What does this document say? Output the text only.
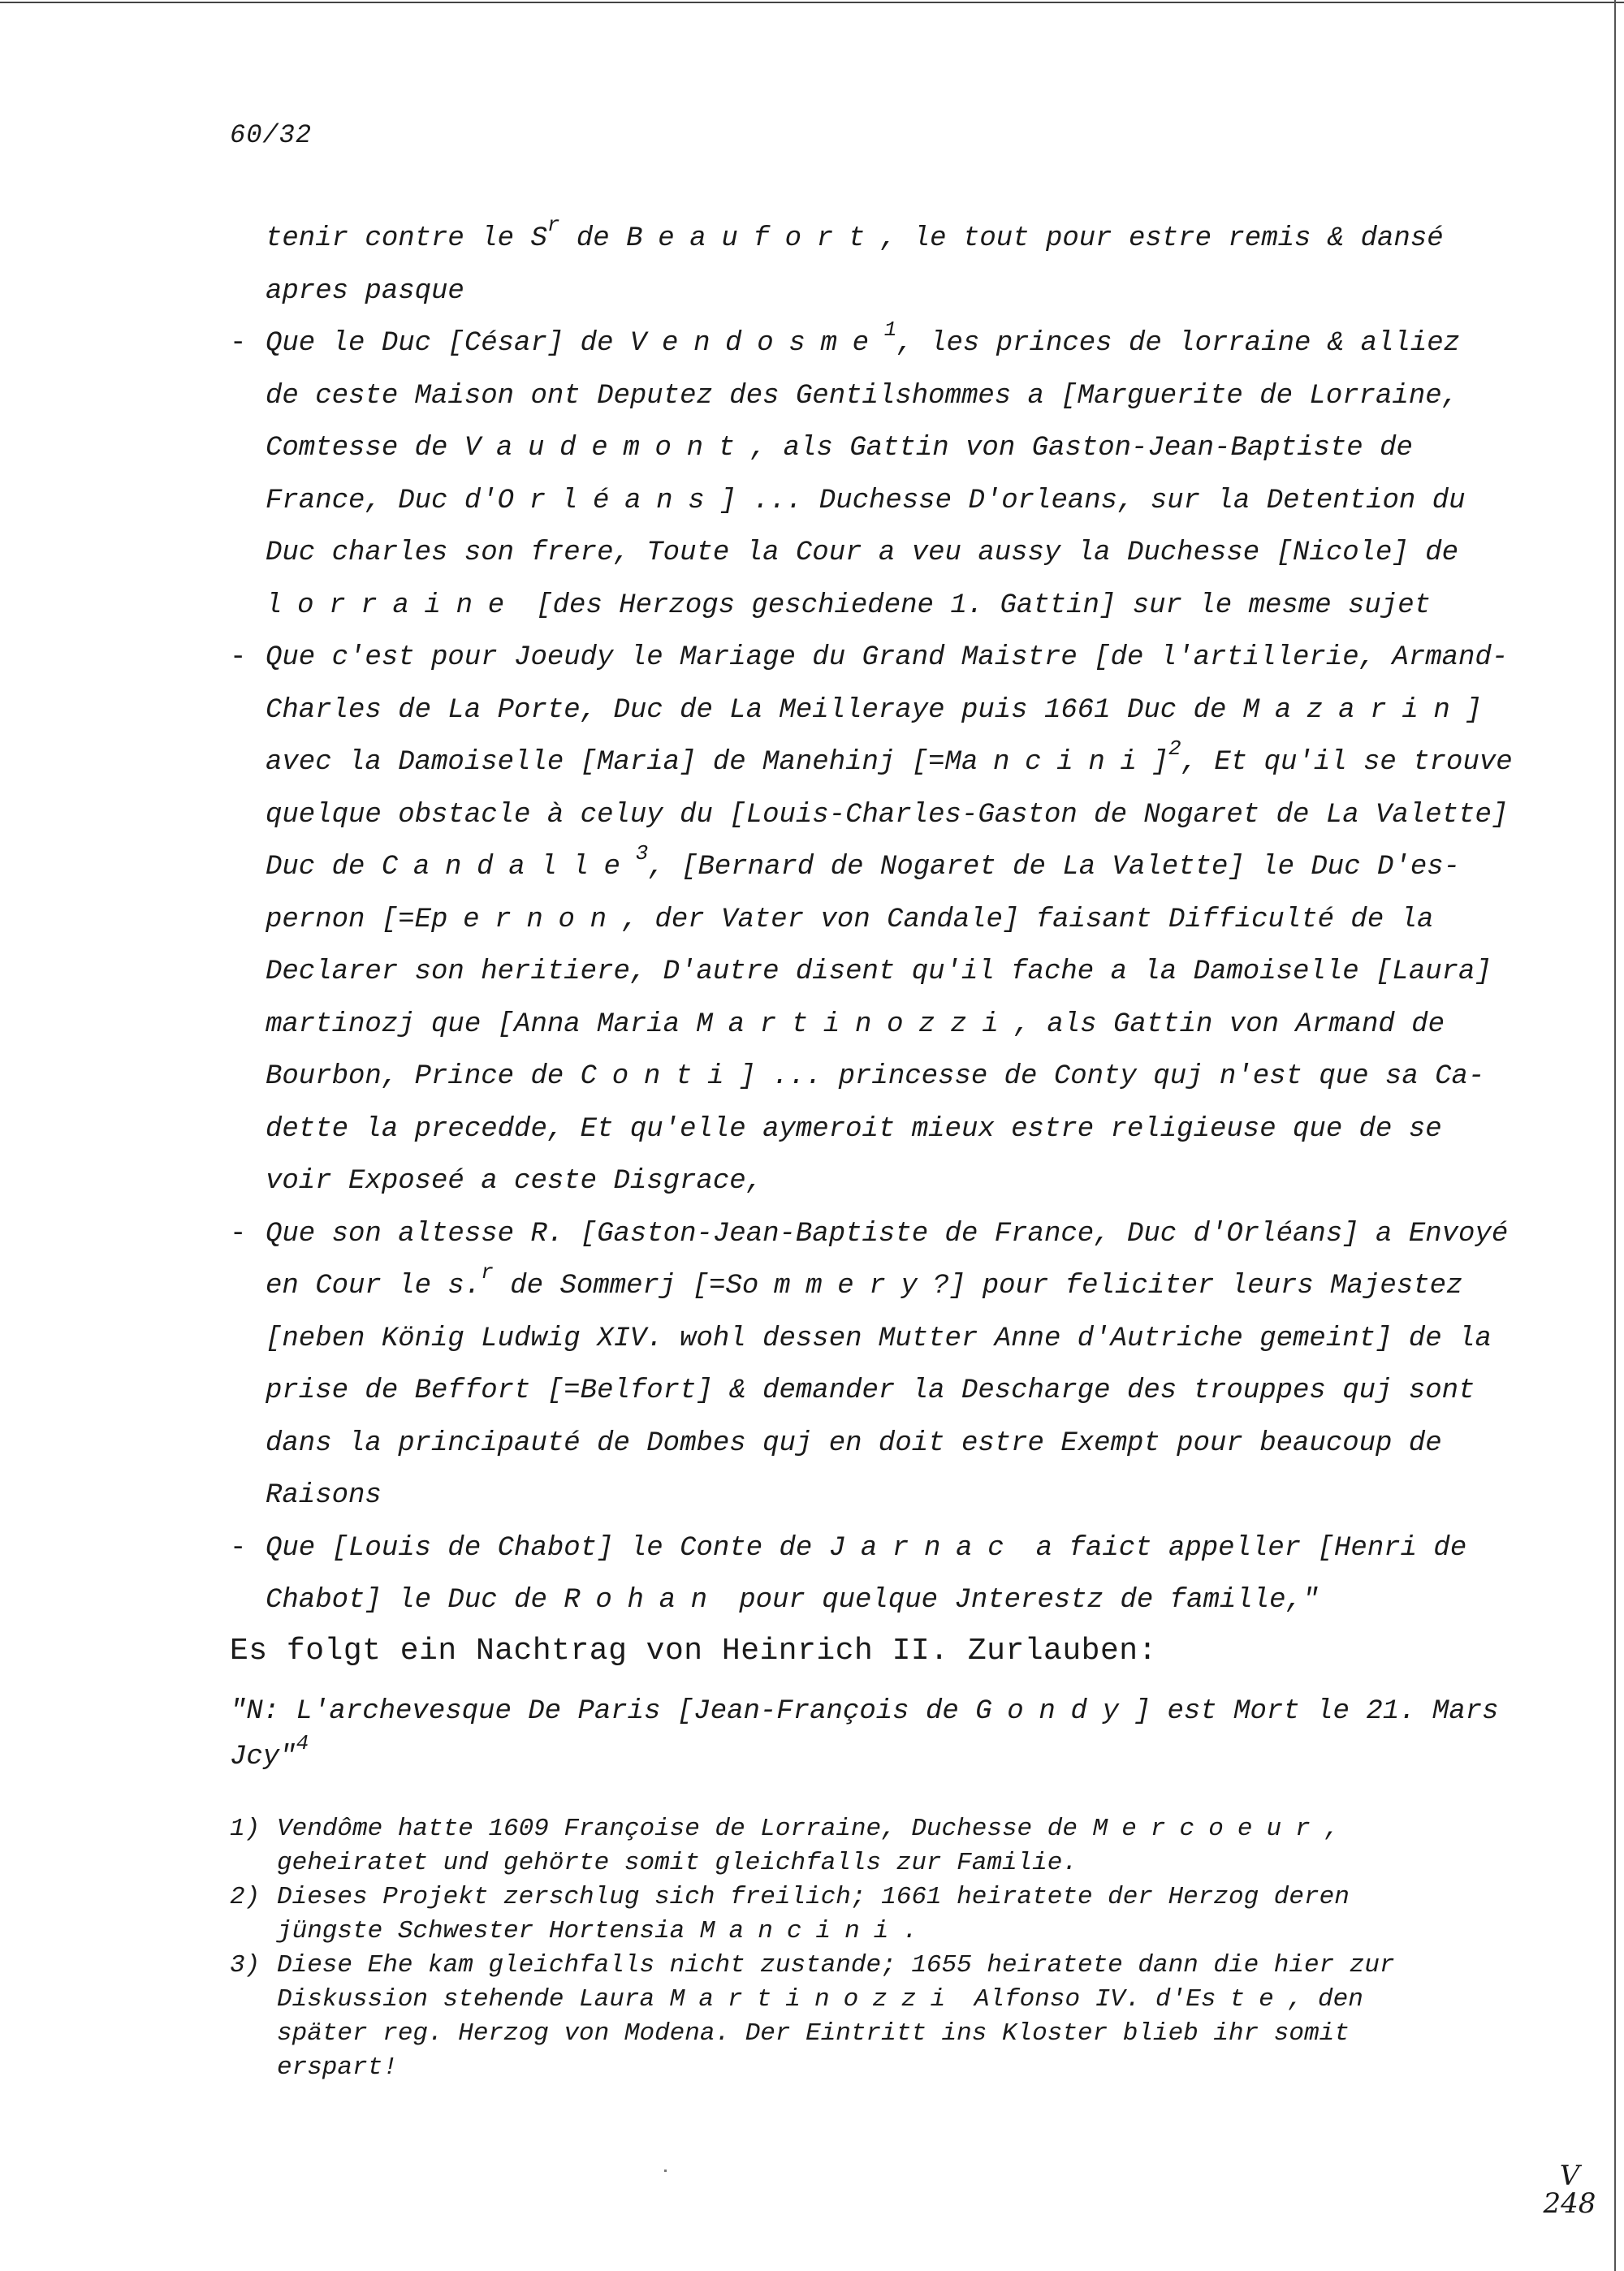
60/32
tenir contre le $S^r$ de Beaufort, le tout pour estre remis & dansé
apres pasque
- Que le Duc [César] de Vendosme$^1$, les princes de lorraine & alliez
de ceste Maison ont Deputez des Gentilshommes a [Marguerite de Lorraine,
Comtesse de Vaudemont, als Gattin von Gaston-Jean-Baptiste de
France, Duc d'Orléans] ... Duchesse D'orleans, sur la Detention du
Duc charles son frere, Toute la Cour a veu aussy la Duchesse [Nicole] de
lorraine [des Herzogs geschiedene 1. Gattin] sur le mesme sujet
- Que c'est pour Joeudy le Mariage du Grand Maistre [de l'artillerie, Armand-
Charles de La Porte, Duc de La Meilleraye puis 1661 Duc de Mazarin]
avec la Damoiselle [Maria] de Manehinj [=Mancini]$^2$, Et qu'il se trouve
quelque obstacle à celuy du [Louis-Charles-Gaston de Nogaret de La Valette]
Duc de Candalle$^3$, [Bernard de Nogaret de La Valette] le Duc D'es-
pernon [=Epernon, der Vater von Candale] faisant Difficulté de la
Declarer son heritiere, D'autre disent qu'il fache a la Damoiselle [Laura]
martinozj que [Anna Maria Martinozzi, als Gattin von Armand de
Bourbon, Prince de Conti] ... princesse de Conty quj n'est que sa Ca-
dette la precedde, Et qu'elle aymeroit mieux estre religieuse que de se
voir Exposeé a ceste Disgrace,
- Que son altesse R. [Gaston-Jean-Baptiste de France, Duc d'Orléans] a Envoyé
en Cour le s.$^r$ de Sommerj [=Sommery?] pour feliciter leurs Majestez
[neben König Ludwig XIV. wohl dessen Mutter Anne d'Autriche gemeint] de la
prise de Beffort [=Belfort] & demander la Descharge des trouppes quj sont
dans la principauté de Dombes quj en doit estre Exempt pour beaucoup de
Raisons
- Que [Louis de Chabot] le Conte de Jarnac a faict appeller [Henri de
Chabot] le Duc de Rohan pour quelque Jnterestz de famille,"
Es folgt ein Nachtrag von Heinrich II. Zurlauben:
"N: L'archevesque De Paris [Jean-François de Gondy] est Mort le 21. Mars
Jcy"$^4$
1) Vendôme hatte 1609 Françoise de Lorraine, Duchesse de Mercoeur,
geheiratet und gehörte somit gleichfalls zur Familie.
2) Dieses Projekt zerschlug sich freilich; 1661 heiratete der Herzog deren
jüngste Schwester Hortensia Mancini.
3) Diese Ehe kam gleichfalls nicht zustande; 1655 heiratete dann die hier zur
Diskussion stehende Laura Martinozzi Alfonso IV. d'Este, den
später reg. Herzog von Modena. Der Eintritt ins Kloster blieb ihr somit
erspart!
V
248
